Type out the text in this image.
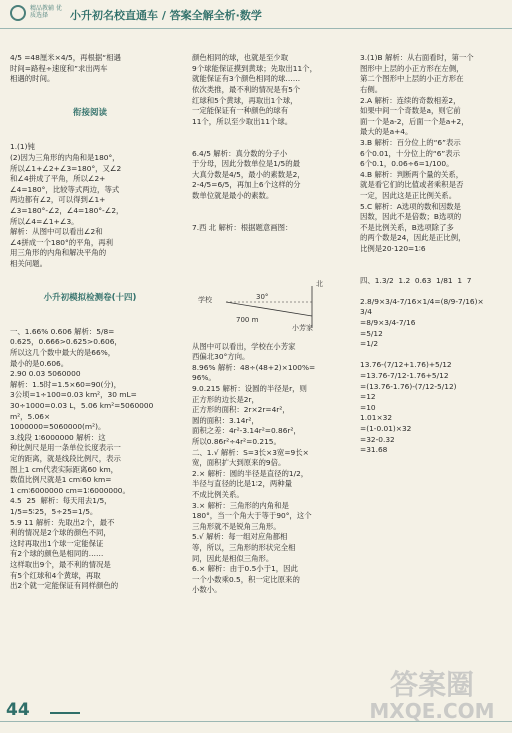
精品教辅 优质选择	小升初名校直通车 / 答案全解全析·数学

4/5 =48厘米×4/5，再根据“相遇
时间=路程÷速度和”求出两车
相遇的时间。

衔接阅读

1.(1)钝
(2)因为三角形的内角和是180°，
所以∠1+∠2+∠3=180°，又∠2
和∠4拼成了平角，所以∠2+
∠4=180°，比较等式两边，等式
两边都有∠2，可以得到∠1+
∠3=180°-∠2，∠4=180°-∠2，
所以∠4=∠1+∠3。
解析：从图中可以看出∠2和
∠4拼成一个180°的平角，再利
用三角形的内角和解决平角的
相关问题。

小升初模拟检测卷(十四)

一、1.66% 0.606 解析：5/8=
0.625，0.666>0.625>0.606，
所以这几个数中最大的是66%，
最小的是0.606。
2.90 0.03 5060000
解析：1.5时=1.5×60=90(分)，
3公顷=1÷100=0.03 km²，30 mL=
30÷1000=0.03 L，5.06 km²=5060000 m²，5.06×
1000000=5060000(m²)。
3.线段 1∶6000000 解析：这
种比例尺是用一条单位长度表示一
定的距离，就是线段比例尺，表示
图上1 cm代表实际距离60 km，
数值比例尺就是1 cm∶60 km=
1 cm∶6000000 cm=1∶6000000。
4.5  25  解析：每天用去1/5，
1/5=5∶25，5÷25=1/5。
5.9 11 解析：先取出2个，最不
利的情况是2个球的颜色不同，
这时再取出1个球一定能保证
有2个球的颜色是相同的……
这样取出9个，最不利的情况是
有5个红球和4个黄球，再取
出2个就一定能保证有同样颜色的

颜色相同的球，也就是至少取
9个球能保证摸到黄球；先取出11个，
就能保证有3个颜色相同的球……
依次类推，最不利的情况是有5个
红球和5个黄球，再取出1个球，
一定能保证有一种颜色的球有
11个，所以至少取出11个球。

6.4/5 解析：真分数的分子小
于分母，因此分数单位是1/5的最
大真分数是4/5，最小的素数是2，
2-4/5=6/5，再加上6个这样的分
数单位就是最小的素数。

7.西 北 解析：根据题意画图：

从图中可以看出，学校在小芳家
西偏北30°方向。
8.96% 解析：48÷(48+2)×100%=
96%。
9.0.215 解析：设圆的半径是r，则
正方形的边长是2r，
正方形的面积：2r×2r=4r²，
圆的面积：3.14r²，
面积之差：4r²-3.14r²=0.86r²，
所以0.86r²÷4r²=0.215。
二、1.√ 解析：S=3长×3宽=9长×
宽，面积扩大到原来的9倍。
2.× 解析：圆的半径是直径的1/2，
半径与直径的比是1∶2，两种量
不成比例关系。
3.× 解析：三角形的内角和是
180°，当一个角大于等于90°，这个
三角形就不是锐角三角形。
5.√ 解析：每一组对应角都相
等，所以，三角形的形状完全相
同，因此是相似三角形。
6.× 解析：由于0.5小于1，因此
一个小数乘0.5，积一定比原来的
小数小。

北
学校
小芳家
30°
700 m

3.(1)B 解析：从右面看时，第一个
图形中上层的小正方形在左侧，
第二个图形中上层的小正方形在
右侧。
2.A 解析：连续的奇数相差2，
如果中间一个奇数是a，则它前
面一个是a-2，后面一个是a+2，
最大的是a+4。
3.B 解析：百分位上的“6”表示
6个0.01，十分位上的“6”表示
6个0.1，0.06÷6=1/100。
4.B 解析：判断两个量的关系，
就是看它们的比值或者乘积是否
一定，因此这是正比例关系。
5.C 解析：A选项的数和因数是
因数，因此不是倍数；B选项的
不是比例关系，B选项除了多
的两个数是24，因此是正比例，
比例是20·120=1∶6

四、1.3/2  1.2  0.63  1/81  1  7

2.8/9×3/4-7/16×1/4=(8/9-7/16)×
3/4
=8/9×3/4-7/16
=5/12
=1/2

13.76-(7/12+1.76)+5/12
=13.76-7/12-1.76+5/12
=(13.76-1.76)-(7/12-5/12)
=12
=10
1.01×32
=(1-0.01)×32
=32-0.32
=31.68

答案圈
MXQE.COM
44
